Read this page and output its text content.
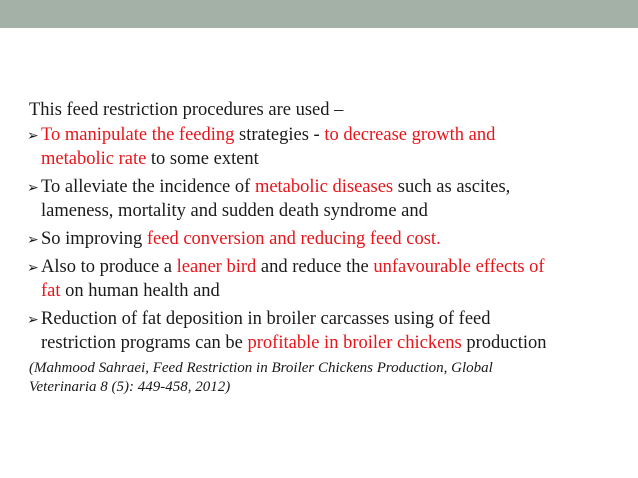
This feed restriction procedures are used –

➢ To manipulate the feeding strategies - to decrease growth and
metabolic rate to some extent
➢ To alleviate the incidence of metabolic diseases such as ascites,
lameness, mortality and sudden death syndrome and
➢ So improving feed conversion and reducing feed cost.
➢ Also to produce a leaner bird and reduce the unfavourable effects of
fat on human health and
➢ Reduction of fat deposition in broiler carcasses using of feed
restriction programs can be profitable in broiler chickens production
(Mahmood Sahraei, Feed Restriction in Broiler Chickens Production, Global
Veterinaria 8 (5): 449-458, 2012)
